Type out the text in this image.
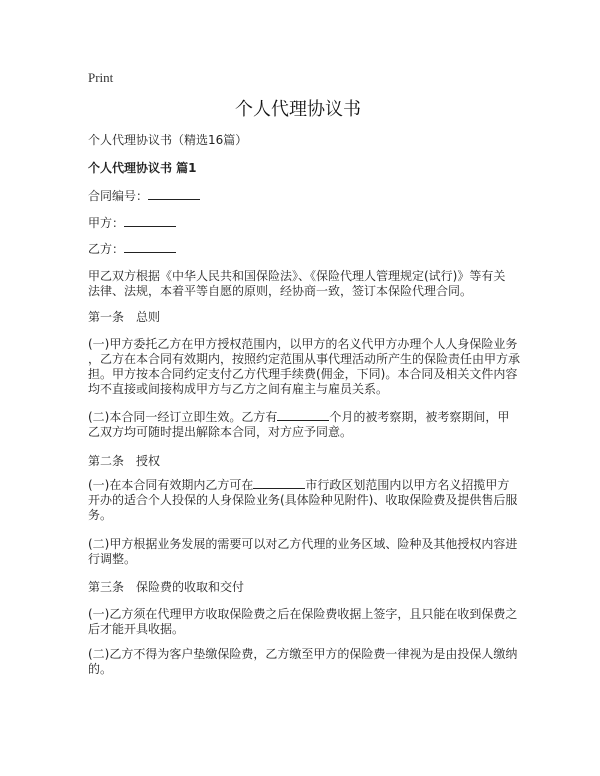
Print
个人代理协议书
个人代理协议书（精选16篇）
个人代理协议书 篇1
合同编号：
甲方：
乙方：
甲乙双方根据《中华人民共和国保险法》、《保险代理人管理规定(试行)》等有关
法律、法规，本着平等自愿的原则，经协商一致，签订本保险代理合同。
第一条　总则
(一)甲方委托乙方在甲方授权范围内，以甲方的名义代甲方办理个人人身保险业务
，乙方在本合同有效期内，按照约定范围从事代理活动所产生的保险责任由甲方承
担。甲方按本合同约定支付乙方代理手续费(佣金，下同)。本合同及相关文件内容
均不直接或间接构成甲方与乙方之间有雇主与雇员关系。
(二)本合同一经订立即生效。乙方有	个月的被考察期，被考察期间，甲
乙双方均可随时提出解除本合同，对方应予同意。
第二条　授权
(一)在本合同有效期内乙方可在	市行政区划范围内以甲方名义招揽甲方
开办的适合个人投保的人身保险业务(具体险种见附件)、收取保险费及提供售后服
务。
(二)甲方根据业务发展的需要可以对乙方代理的业务区域、险种及其他授权内容进
行调整。
第三条　保险费的收取和交付
(一)乙方须在代理甲方收取保险费之后在保险费收据上签字，且只能在收到保费之
后才能开具收据。
(二)乙方不得为客户垫缴保险费，乙方缴至甲方的保险费一律视为是由投保人缴纳
的。
